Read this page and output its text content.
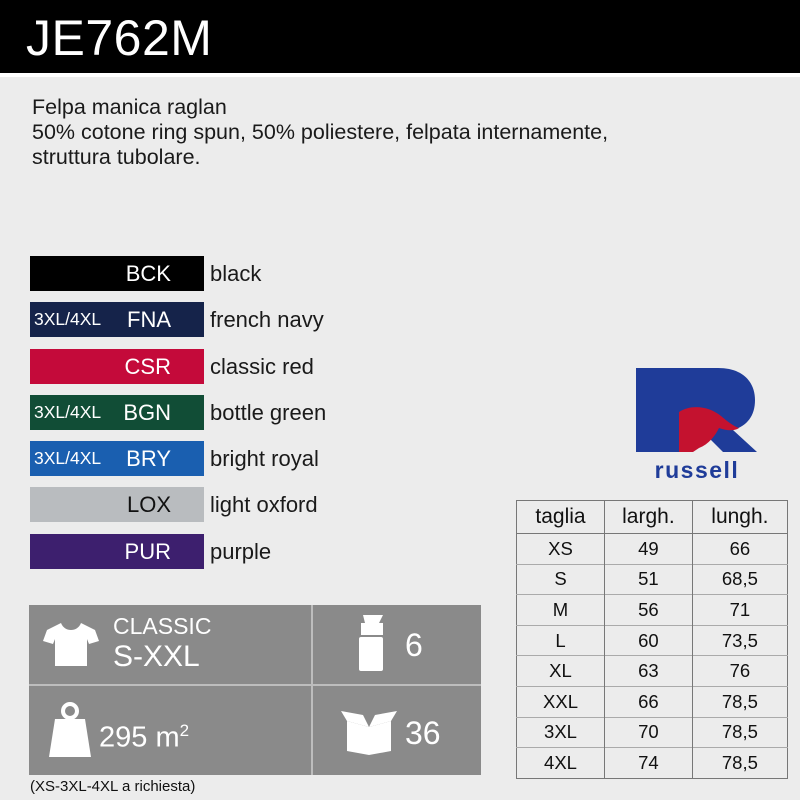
JE762M
Felpa manica raglan
50% cotone ring spun, 50% poliestere, felpata internamente,
struttura tubolare.
BCK black
3XL/4XL FNA french navy
CSR classic red
3XL/4XL BGN bottle green
3XL/4XL BRY bright royal
LOX light oxford
PUR purple
russell
taglia	largh.	lungh.
XS	49	66
S	51	68,5
M	56	71
L	60	73,5
XL	63	76
XXL	66	78,5
3XL	70	78,5
4XL	74	78,5
CLASSIC
S-XXL	6
295 $m^2$	36
(XS-3XL-4XL a richiesta)
